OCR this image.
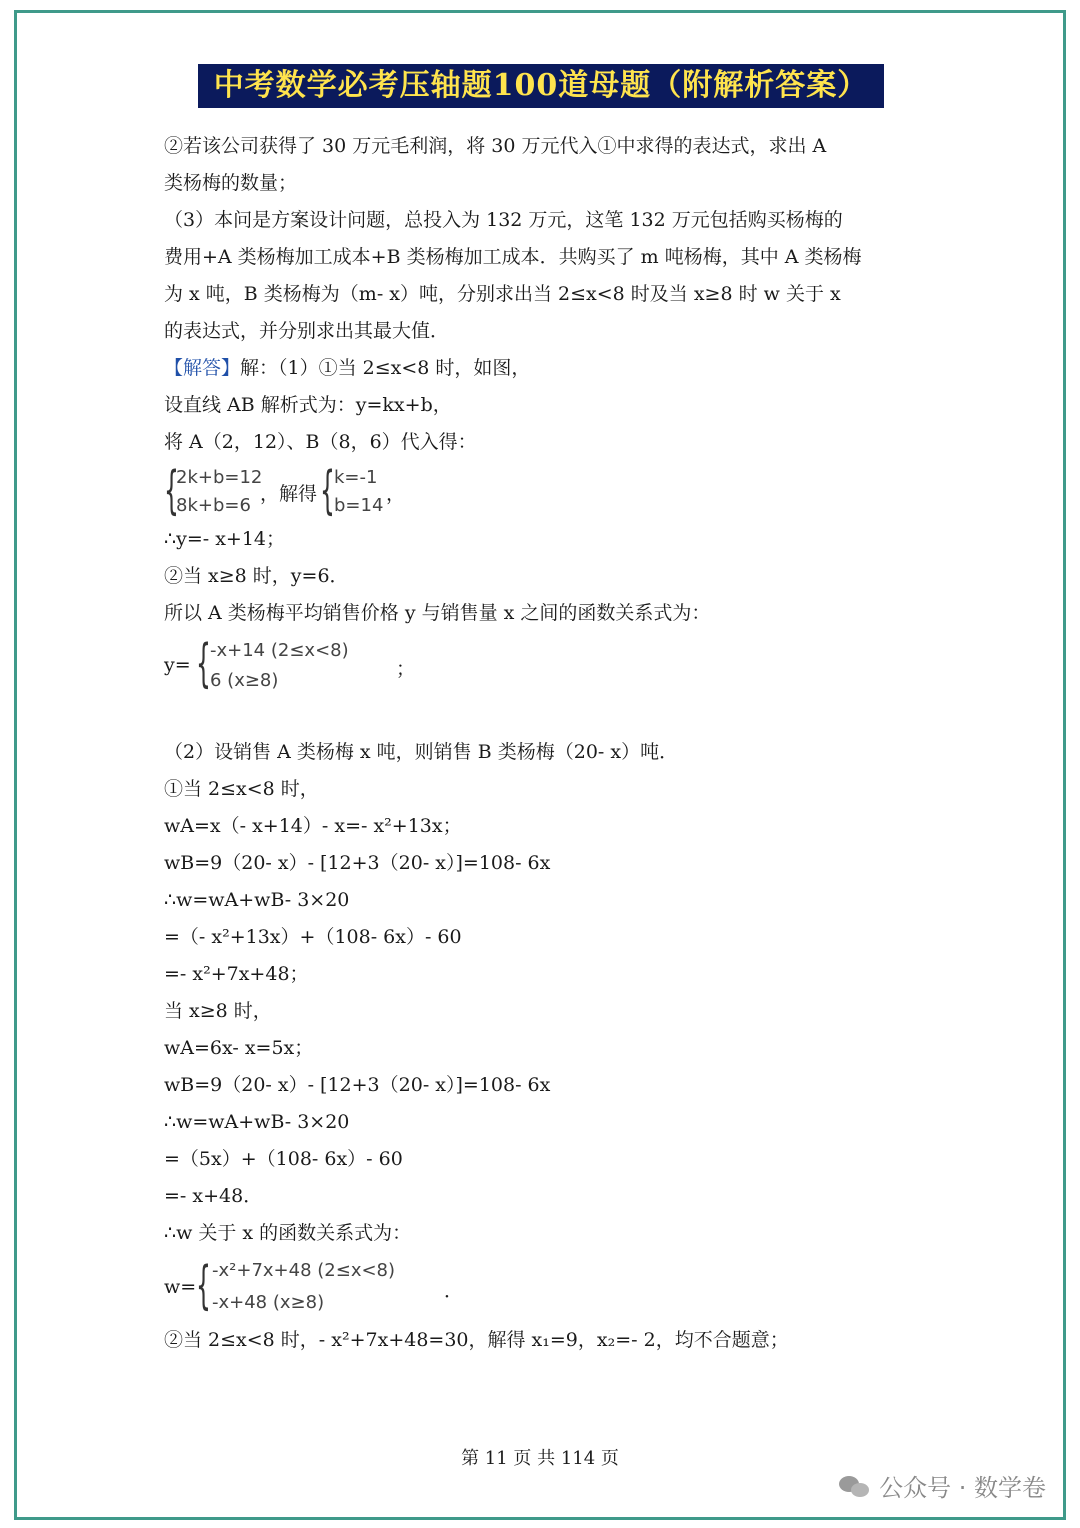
中考数学必考压轴题100道母题（附解析答案）
②若该公司获得了 30 万元毛利润，将 30 万元代入①中求得的表达式，求出 A
类杨梅的数量；
（3）本问是方案设计问题，总投入为 132 万元，这笔 132 万元包括购买杨梅的
费用+A 类杨梅加工成本+B 类杨梅加工成本．共购买了 m 吨杨梅，其中 A 类杨梅
为 x 吨，B 类杨梅为（m- x）吨，分别求出当 2≤x<8 时及当 x≥8 时 w 关于 x
的表达式，并分别求出其最大值．
【解答】解：（1）①当 2≤x<8 时，如图，
设直线 AB 解析式为：y=kx+b，
将 A（2，12）、B（8，6）代入得：
{
2k+b=12
8k+b=6
，解得 { k=-1
b=14
，
∴y=- x+14；
②当 x≥8 时，y=6．
所以 A 类杨梅平均销售价格 y 与销售量 x 之间的函数关系式为：
y= { -x+14 (2≤x<8)
6 (x≥8)
；
（2）设销售 A 类杨梅 x 吨，则销售 B 类杨梅（20- x）吨．
①当 2≤x<8 时，
wA=x（- x+14）- x=- x²+13x；
wB=9（20- x）- [12+3（20- x）]=108- 6x
∴w=wA+wB- 3×20
=（- x²+13x）+（108- 6x）- 60
=- x²+7x+48；
当 x≥8 时，
wA=6x- x=5x；
wB=9（20- x）- [12+3（20- x）]=108- 6x
∴w=wA+wB- 3×20
=（5x）+（108- 6x）- 60
=- x+48．
∴w 关于 x 的函数关系式为：
w= { -x²+7x+48 (2≤x<8)
-x+48 (x≥8)
．
②当 2≤x<8 时，- x²+7x+48=30，解得 x₁=9，x₂=- 2，均不合题意；
第 11 页 共 114 页
公众号 · 数学卷
